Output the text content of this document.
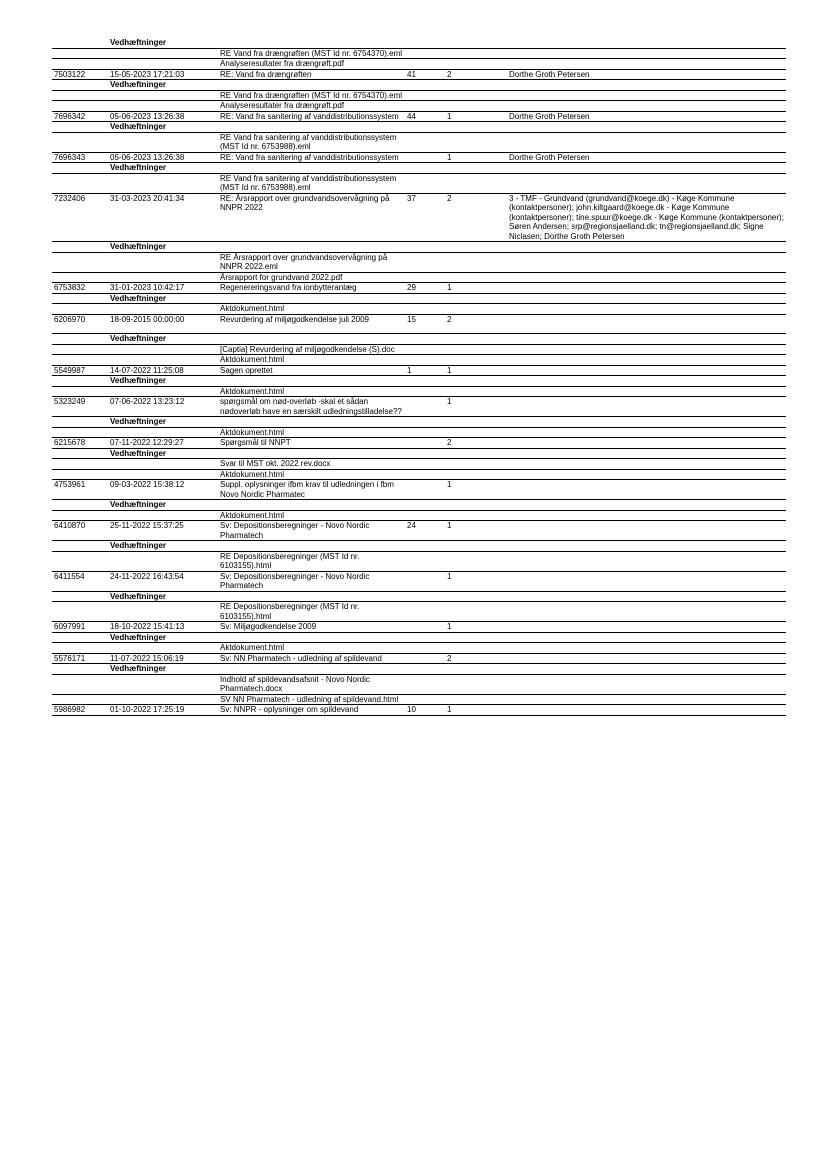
	Vedhæftninger				
		RE Vand fra drængrøften (MST Id nr. 6754370).eml			
		Analyseresultater fra drængrøft.pdf			
7503122	15-05-2023 17:21:03	RE: Vand fra drængrøften	41	2	Dorthe Groth Petersen
	Vedhæftninger				
		RE Vand fra drængrøften (MST Id nr. 6754370).eml			
		Analyseresultater fra drængrøft.pdf			
7696342	05-06-2023 13:26:38	RE: Vand fra sanitering af vanddistributionssystem	44	1	Dorthe Groth Petersen
	Vedhæftninger				
		RE Vand fra sanitering af vanddistributionssystem (MST Id nr. 6753988).eml			
7696343	05-06-2023 13:26:38	RE: Vand fra sanitering af vanddistributionssystem		1	Dorthe Groth Petersen
	Vedhæftninger				
		RE Vand fra sanitering af vanddistributionssystem (MST Id nr. 6753988).eml			
7232406	31-03-2023 20:41:34	RE: Årsrapport over grundvandsovervågning på NNPR 2022	37	2	3 - TMF - Grundvand (grundvand@koege.dk) - Køge Kommune (kontaktpersoner); john.kiltgaard@koege.dk - Køge Kommune (kontaktpersoner); tine.spuur@koege.dk - Køge Kommune (kontaktpersoner); Søren Andersen; srp@regionsjaelland.dk; tn@regionsjaelland.dk; Signe Niclasen; Dorthe Groth Petersen
	Vedhæftninger				
		RE Årsrapport over grundvandsovervågning på NNPR 2022.eml			
		Årsrapport for grundvand 2022.pdf			
6753832	31-01-2023 10:42:17	Regenereringsvand fra ionbytteranlæg	29	1	
	Vedhæftninger				
		Aktdokument.html			
6206970	18-09-2015 00:00:00	Revurdering af miljøgodkendelse juli 2009	15	2	
	Vedhæftninger				
		[Captia] Revurdering af miljøgodkendelse (S).doc			
		Aktdokument.html			
5549987	14-07-2022 11:25:08	Sagen oprettet	1	1	
	Vedhæftninger				
		Aktdokument.html			
5323249	07-06-2022 13:23:12	spørgsmål om nød-overløb -skal et sådan nødoverløb have en særskilt udledningstilladelse??		1	
	Vedhæftninger				
		Aktdokument.html			
6215678	07-11-2022 12:29:27	Spørgsmål til NNPT		2	
	Vedhæftninger				
		Svar til MST okt. 2022 rev.docx			
		Aktdokument.html			
4753961	09-03-2022 15:38:12	Suppl. oplysninger ifbm krav til udledningen i fbm Novo Nordic Pharmatec		1	
	Vedhæftninger				
		Aktdokument.html			
6410870	25-11-2022 15:37:25	Sv: Depositionsberegninger - Novo Nordic Pharmatech	24	1	
	Vedhæftninger				
		RE Depositionsberegninger (MST Id nr. 6103155).html			
6411554	24-11-2022 16:43:54	Sv: Depositionsberegninger - Novo Nordic Pharmatech		1	
	Vedhæftninger				
		RE Depositionsberegninger (MST Id nr. 6103155).html			
6097991	18-10-2022 15:41:13	Sv: Miljøgodkendelse 2009		1	
	Vedhæftninger				
		Aktdokument.html			
5576171	11-07-2022 15:06:19	Sv: NN Pharmatech - udledning af spildevand		2	
	Vedhæftninger				
		Indhold af spildevandsafsnit - Novo Nordic Pharmatech.docx			
		SV NN Pharmatech - udledning af spildevand.html			
5986982	01-10-2022 17:25:19	Sv: NNPR - oplysninger om spildevand	10	1	
